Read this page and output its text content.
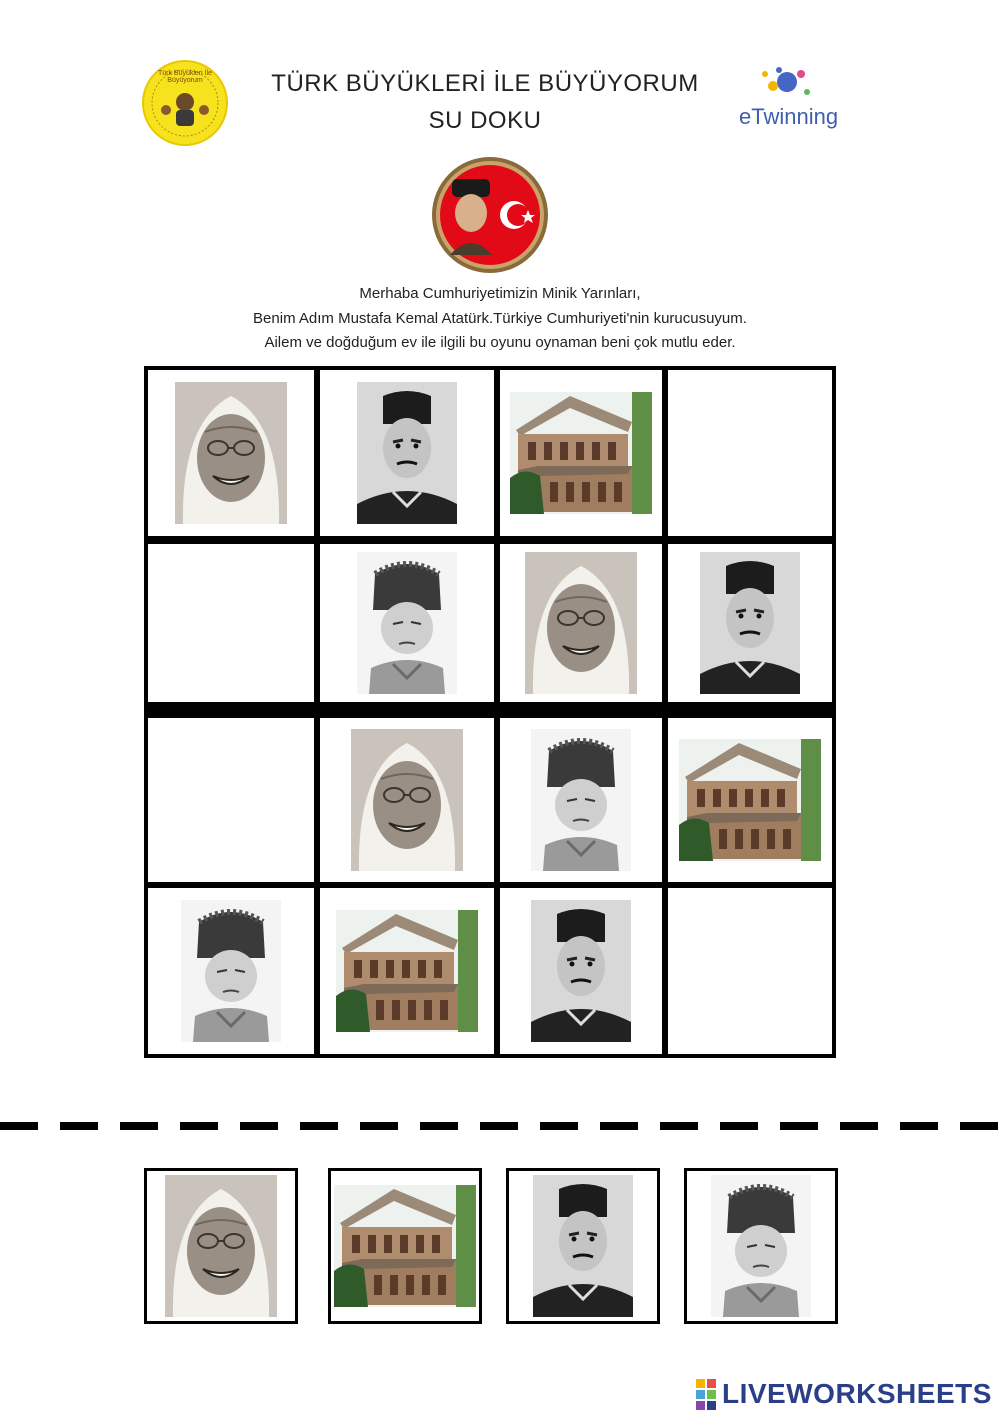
Türk Büyükleri İle Büyüyorum	TÜRK BÜYÜKLERİ İLE BÜYÜYORUM
SU DOKU	eTwinning
Merhaba Cumhuriyetimizin Minik Yarınları,
Benim Adım Mustafa Kemal Atatürk.Türkiye Cumhuriyeti'nin kurucusuyum.
Ailem ve doğduğum ev ile ilgili bu oyunu oynaman beni çok mutlu eder.
LIVEWORKSHEETS
